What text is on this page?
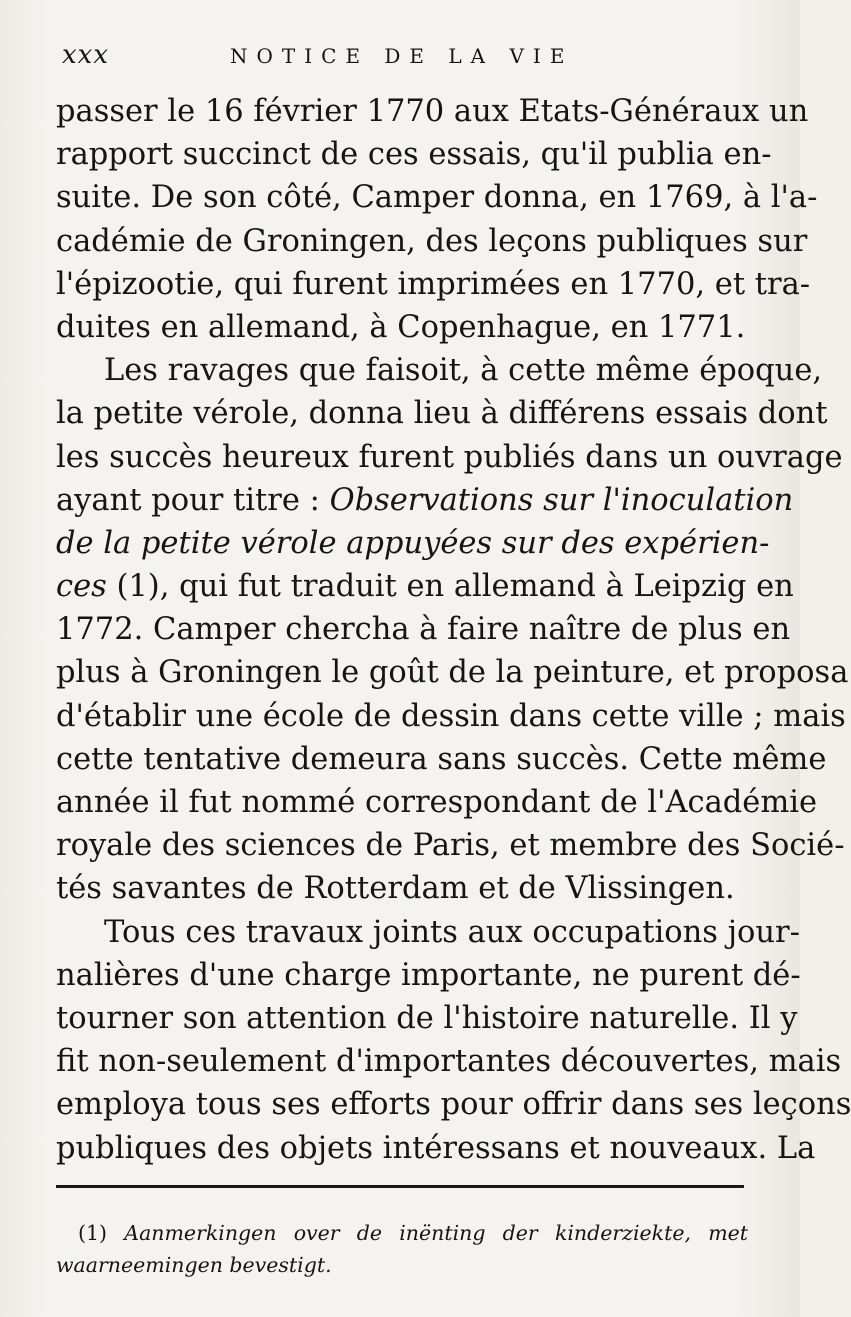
xxx	NOTICE DE LA VIE
passer le 16 février 1770 aux Etats-Généraux un
rapport succinct de ces essais, qu'il publia en-
suite. De son côté, Camper donna, en 1769, à l'a-
cadémie de Groningen, des leçons publiques sur
l'épizootie, qui furent imprimées en 1770, et tra-
duites en allemand, à Copenhague, en 1771.
Les ravages que faisoit, à cette même époque,
la petite vérole, donna lieu à différens essais dont
les succès heureux furent publiés dans un ouvrage
ayant pour titre : Observations sur l'inoculation
de la petite vérole appuyées sur des expérien-
ces (1), qui fut traduit en allemand à Leipzig en
1772. Camper chercha à faire naître de plus en
plus à Groningen le goût de la peinture, et proposa
d'établir une école de dessin dans cette ville ; mais
cette tentative demeura sans succès. Cette même
année il fut nommé correspondant de l'Académie
royale des sciences de Paris, et membre des Socié-
tés savantes de Rotterdam et de Vlissingen.
Tous ces travaux joints aux occupations jour-
nalières d'une charge importante, ne purent dé-
tourner son attention de l'histoire naturelle. Il y
fit non-seulement d'importantes découvertes, mais
employa tous ses efforts pour offrir dans ses leçons
publiques des objets intéressans et nouveaux. La
(1) Aanmerkingen over de inënting der kinderziekte, met
waarneemingen bevestigt.
